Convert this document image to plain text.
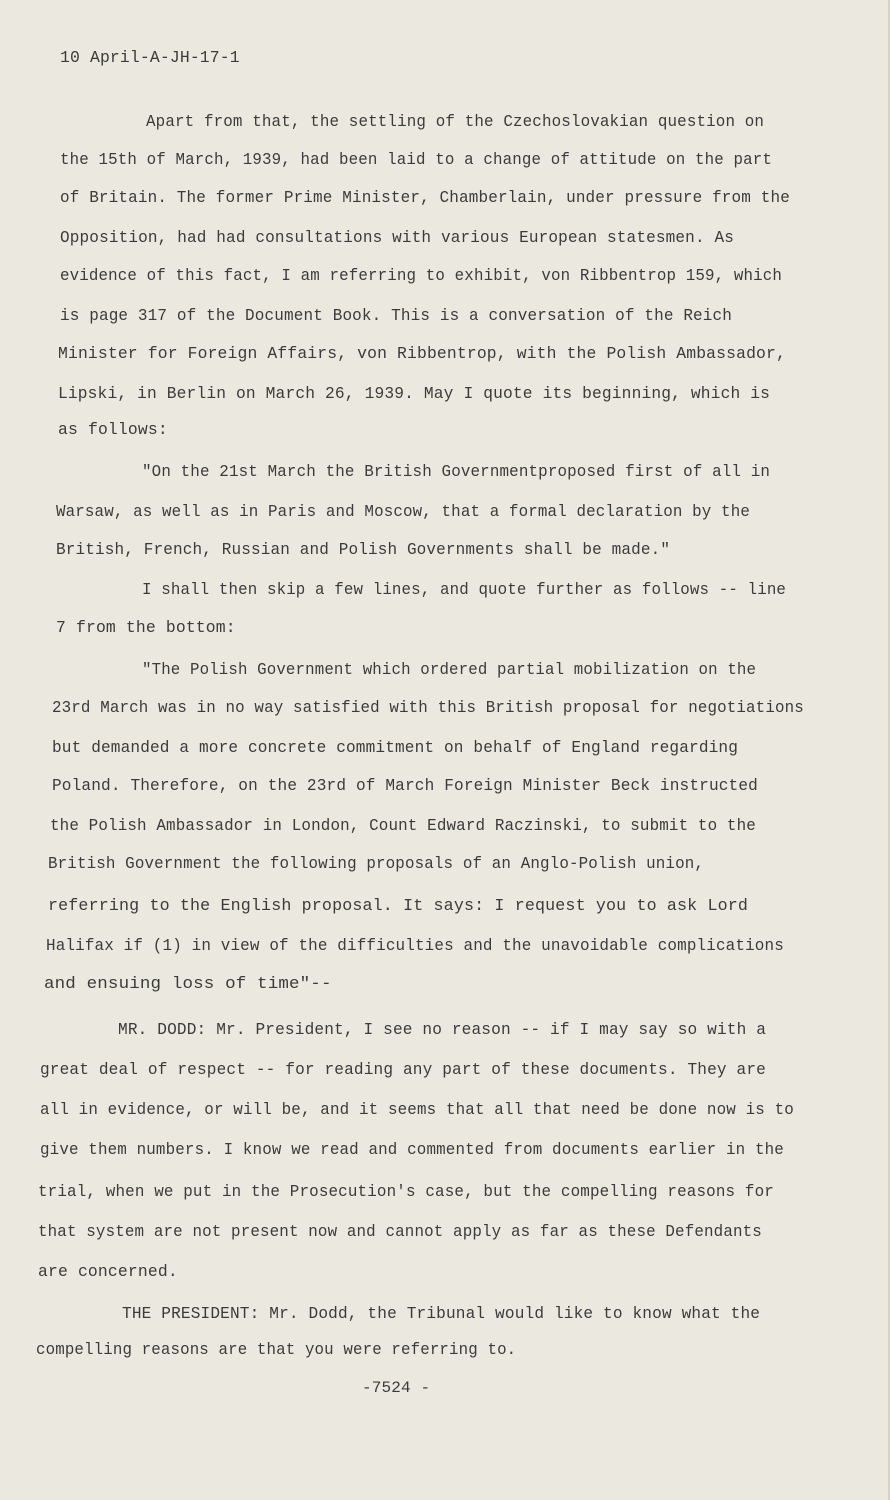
10 April-A-JH-17-1
Apart from that, the settling of the Czechoslovakian question on
the 15th of March, 1939, had been laid to a change of attitude on the part
of Britain. The former Prime Minister, Chamberlain, under pressure from the
Opposition, had had consultations with various European statesmen. As
evidence of this fact, I am referring to exhibit, von Ribbentrop 159, which
is page 317 of the Document Book. This is a conversation of the Reich
Minister for Foreign Affairs, von Ribbentrop, with the Polish Ambassador,
Lipski, in Berlin on March 26, 1939. May I quote its beginning, which is
as follows:
"On the 21st March the British Governmentproposed first of all in
Warsaw, as well as in Paris and Moscow, that a formal declaration by the
British, French, Russian and Polish Governments shall be made."
I shall then skip a few lines, and quote further as follows -- line
7 from the bottom:
"The Polish Government which ordered partial mobilization on the
23rd March was in no way satisfied with this British proposal for negotiations
but demanded a more concrete commitment on behalf of England regarding
Poland. Therefore, on the 23rd of March Foreign Minister Beck instructed
the Polish Ambassador in London, Count Edward Raczinski, to submit to the
British Government the following proposals of an Anglo-Polish union,
referring to the English proposal. It says: I request you to ask Lord
Halifax if (1) in view of the difficulties and the unavoidable complications
and ensuing loss of time"--
MR. DODD: Mr. President, I see no reason -- if I may say so with a
great deal of respect -- for reading any part of these documents. They are
all in evidence, or will be, and it seems that all that need be done now is to
give them numbers. I know we read and commented from documents earlier in the
trial, when we put in the Prosecution's case, but the compelling reasons for
that system are not present now and cannot apply as far as these Defendants
are concerned.
THE PRESIDENT: Mr. Dodd, the Tribunal would like to know what the
compelling reasons are that you were referring to.
-7524 -
